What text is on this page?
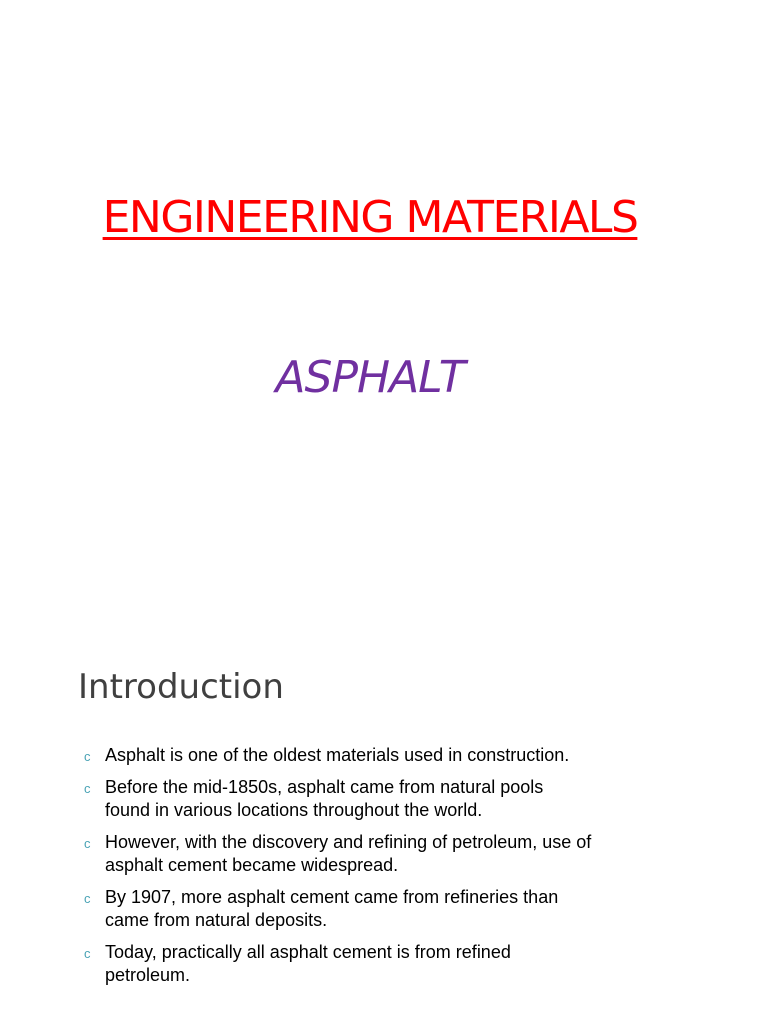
ENGINEERING MATERIALS
ASPHALT
Introduction
c Asphalt is one of the oldest materials used in construction.
c Before the mid-1850s, asphalt came from natural pools
found in various locations throughout the world.
c However, with the discovery and refining of petroleum, use of
asphalt cement became widespread.
c By 1907, more asphalt cement came from refineries than
came from natural deposits.
c Today, practically all asphalt cement is from refined
petroleum.
